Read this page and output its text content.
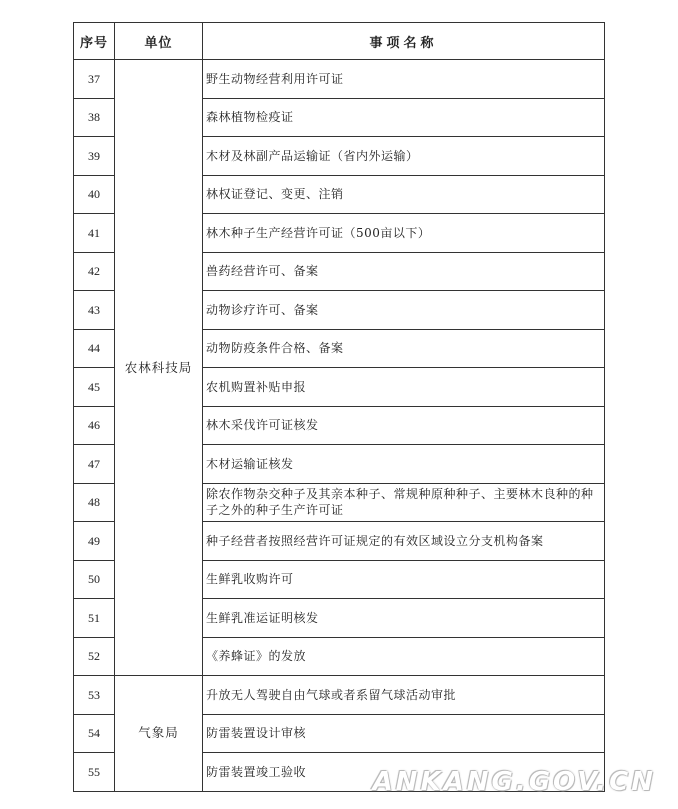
序号	单位	事项名称
37	农林科技局	野生动物经营利用许可证
38		森林植物检疫证
39		木材及林副产品运输证（省内外运输）
40		林权证登记、变更、注销
41		林木种子生产经营许可证（500亩以下）
42		兽药经营许可、备案
43		动物诊疗许可、备案
44		动物防疫条件合格、备案
45		农机购置补贴申报
46		林木采伐许可证核发
47		木材运输证核发
48		除农作物杂交种子及其亲本种子、常规种原种种子、主要林木良种的种子之外的种子生产许可证
49		种子经营者按照经营许可证规定的有效区域设立分支机构备案
50		生鲜乳收购许可
51		生鲜乳准运证明核发
52		《养蜂证》的发放
53	气象局	升放无人驾驶自由气球或者系留气球活动审批
54		防雷装置设计审核
55		防雷装置竣工验收	ANKANG.GOV.CN
